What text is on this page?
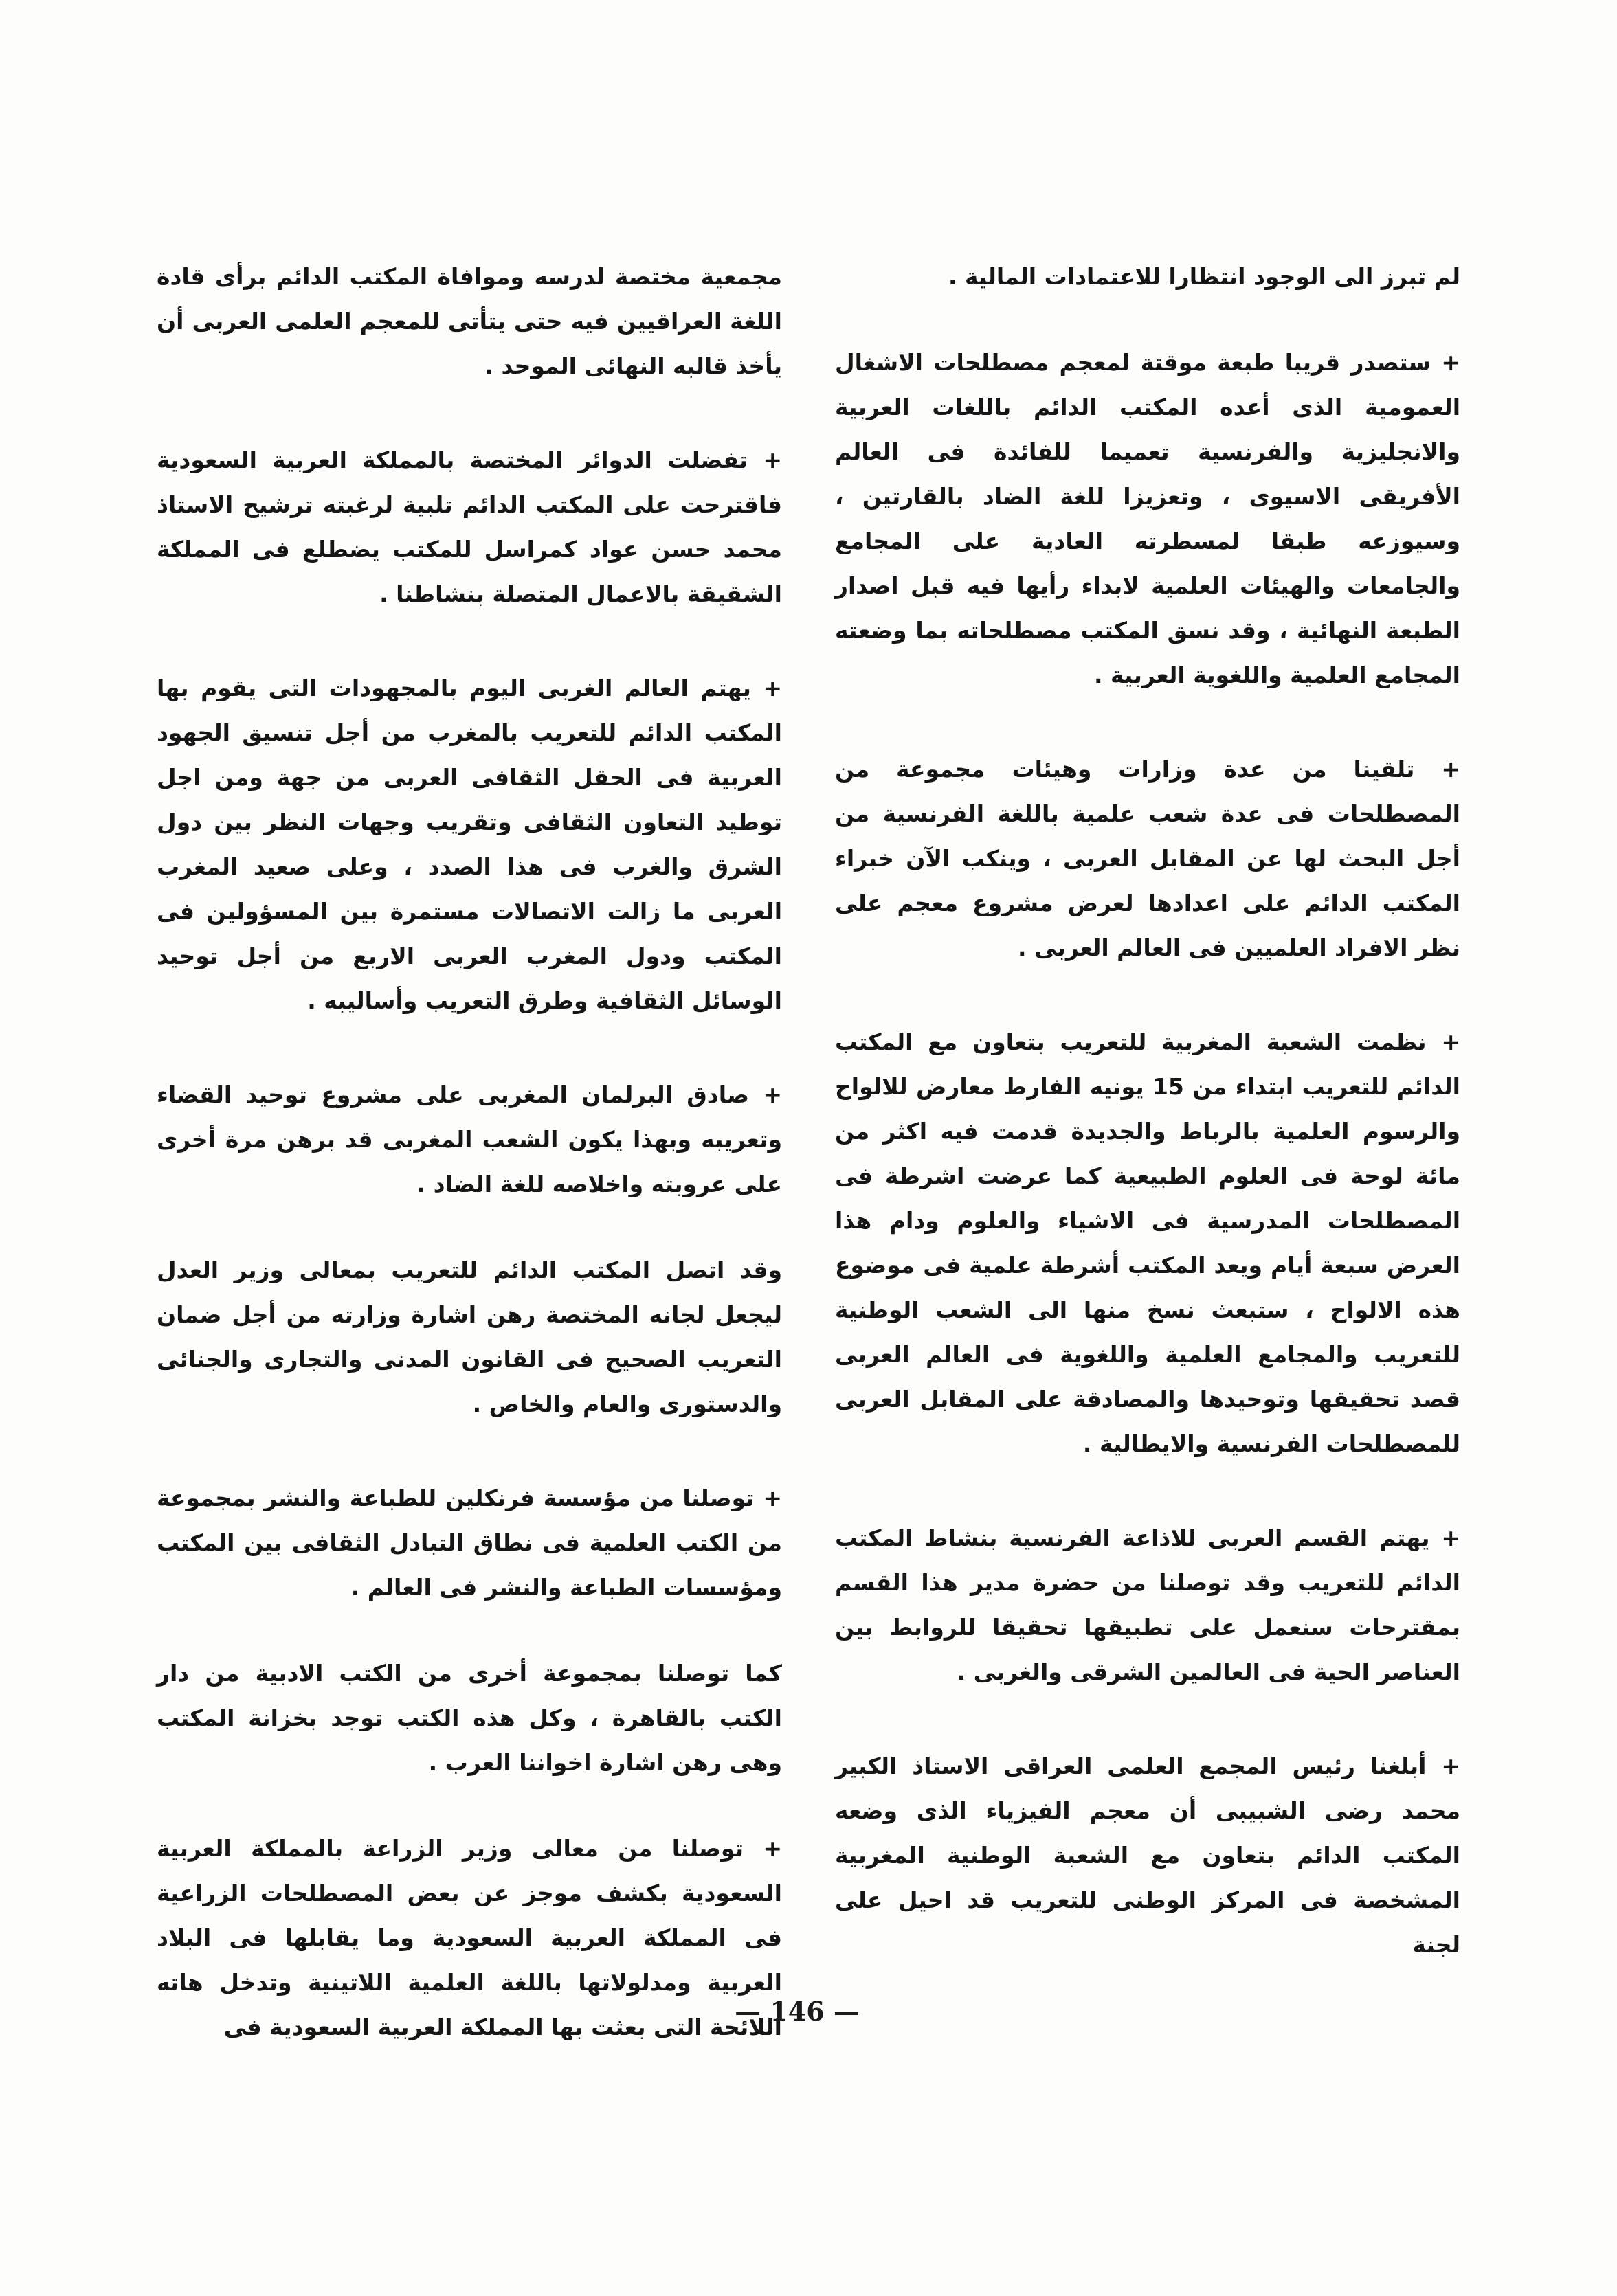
لم تبرز الى الوجود انتظارا للاعتمادات المالية .

+ ستصدر قريبا طبعة موقتة لمعجم مصطلحات الاشغال العمومية الذى أعده المكتب الدائم باللغات العربية والانجليزية والفرنسية تعميما للفائدة فى العالم الأفريقى الاسيوى ، وتعزيزا للغة الضاد بالقارتين ، وسيوزعه طبقا لمسطرته العادية على المجامع والجامعات والهيئات العلمية لابداء رأيها فيه قبل اصدار الطبعة النهائية ، وقد نسق المكتب مصطلحاته بما وضعته المجامع العلمية واللغوية العربية .

+ تلقينا من عدة وزارات وهيئات مجموعة من المصطلحات فى عدة شعب علمية باللغة الفرنسية من أجل البحث لها عن المقابل العربى ، وينكب الآن خبراء المكتب الدائم على اعدادها لعرض مشروع معجم على نظر الافراد العلميين فى العالم العربى .

+ نظمت الشعبة المغربية للتعريب بتعاون مع المكتب الدائم للتعريب ابتداء من 15 يونيه الفارط معارض للالواح والرسوم العلمية بالرباط والجديدة قدمت فيه اكثر من مائة لوحة فى العلوم الطبيعية كما عرضت اشرطة فى المصطلحات المدرسية فى الاشياء والعلوم ودام هذا العرض سبعة أيام ويعد المكتب أشرطة علمية فى موضوع هذه الالواح ، ستبعث نسخ منها الى الشعب الوطنية للتعريب والمجامع العلمية واللغوية فى العالم العربى قصد تحقيقها وتوحيدها والمصادقة على المقابل العربى للمصطلحات الفرنسية والايطالية .

+ يهتم القسم العربى للاذاعة الفرنسية بنشاط المكتب الدائم للتعريب وقد توصلنا من حضرة مدير هذا القسم بمقترحات سنعمل على تطبيقها تحقيقا للروابط بين العناصر الحية فى العالمين الشرقى والغربى .

+ أبلغنا رئيس المجمع العلمى العراقى الاستاذ الكبير محمد رضى الشبيبى أن معجم الفيزياء الذى وضعه المكتب الدائم بتعاون مع الشعبة الوطنية المغربية المشخصة فى المركز الوطنى للتعريب قد احيل على لجنة

مجمعية مختصة لدرسه وموافاة المكتب الدائم برأى قادة اللغة العراقيين فيه حتى يتأتى للمعجم العلمى العربى أن يأخذ قالبه النهائى الموحد .

+ تفضلت الدوائر المختصة بالمملكة العربية السعودية فاقترحت على المكتب الدائم تلبية لرغبته ترشيح الاستاذ محمد حسن عواد كمراسل للمكتب يضطلع فى المملكة الشقيقة بالاعمال المتصلة بنشاطنا .

+ يهتم العالم الغربى اليوم بالمجهودات التى يقوم بها المكتب الدائم للتعريب بالمغرب من أجل تنسيق الجهود العربية فى الحقل الثقافى العربى من جهة ومن اجل توطيد التعاون الثقافى وتقريب وجهات النظر بين دول الشرق والغرب فى هذا الصدد ، وعلى صعيد المغرب العربى ما زالت الاتصالات مستمرة بين المسؤولين فى المكتب ودول المغرب العربى الاربع من أجل توحيد الوسائل الثقافية وطرق التعريب وأساليبه .

+ صادق البرلمان المغربى على مشروع توحيد القضاء وتعريبه وبهذا يكون الشعب المغربى قد برهن مرة أخرى على عروبته واخلاصه للغة الضاد .

وقد اتصل المكتب الدائم للتعريب بمعالى وزير العدل ليجعل لجانه المختصة رهن اشارة وزارته من أجل ضمان التعريب الصحيح فى القانون المدنى والتجارى والجنائى والدستورى والعام والخاص .

+ توصلنا من مؤسسة فرنكلين للطباعة والنشر بمجموعة من الكتب العلمية فى نطاق التبادل الثقافى بين المكتب ومؤسسات الطباعة والنشر فى العالم .

كما توصلنا بمجموعة أخرى من الكتب الادبية من دار الكتب بالقاهرة ، وكل هذه الكتب توجد بخزانة المكتب وهى رهن اشارة اخواننا العرب .

+ توصلنا من معالى وزير الزراعة بالمملكة العربية السعودية بكشف موجز عن بعض المصطلحات الزراعية فى المملكة العربية السعودية وما يقابلها فى البلاد العربية ومدلولاتها باللغة العلمية اللاتينية وتدخل هاته اللائحة التى بعثت بها المملكة العربية السعودية فى

— 146 —
